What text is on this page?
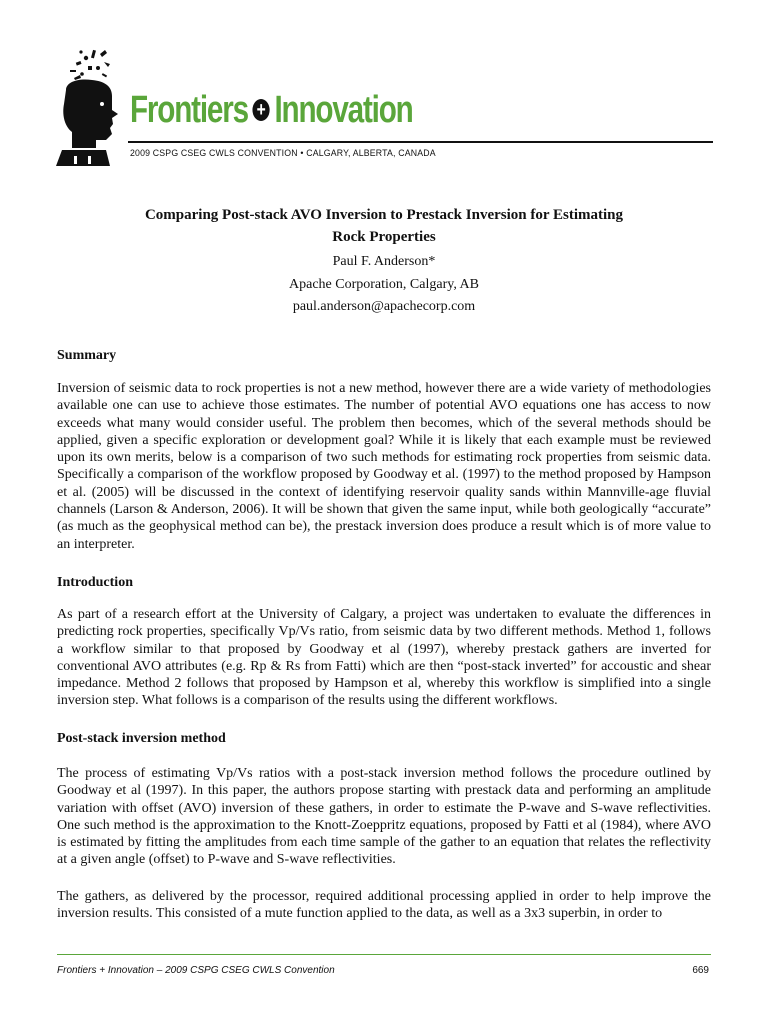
Frontiers + Innovation
2009 CSPG CSEG CWLS CONVENTION • CALGARY, ALBERTA, CANADA
Comparing Post-stack AVO Inversion to Prestack Inversion for Estimating
Rock Properties
Paul F. Anderson*
Apache Corporation, Calgary, AB
paul.anderson@apachecorp.com
Summary
Inversion of seismic data to rock properties is not a new method, however there are a wide variety of methodologies available one can use to achieve those estimates. The number of potential AVO equations one has access to now exceeds what many would consider useful. The problem then becomes, which of the several methods should be applied, given a specific exploration or development goal? While it is likely that each example must be reviewed upon its own merits, below is a comparison of two such methods for estimating rock properties from seismic data. Specifically a comparison of the workflow proposed by Goodway et al. (1997) to the method proposed by Hampson et al. (2005) will be discussed in the context of identifying reservoir quality sands within Mannville-age fluvial channels (Larson & Anderson, 2006). It will be shown that given the same input, while both geologically “accurate” (as much as the geophysical method can be), the prestack inversion does produce a result which is of more value to an interpreter.
Introduction
As part of a research effort at the University of Calgary, a project was undertaken to evaluate the differences in predicting rock properties, specifically Vp/Vs ratio, from seismic data by two different methods. Method 1, follows a workflow similar to that proposed by Goodway et al (1997), whereby prestack gathers are inverted for conventional AVO attributes (e.g. Rp & Rs from Fatti) which are then “post-stack inverted” for accoustic and shear impedance. Method 2 follows that proposed by Hampson et al, whereby this workflow is simplified into a single inversion step. What follows is a comparison of the results using the different workflows.
Post-stack inversion method
The process of estimating Vp/Vs ratios with a post-stack inversion method follows the procedure outlined by Goodway et al (1997). In this paper, the authors propose starting with prestack data and performing an amplitude variation with offset (AVO) inversion of these gathers, in order to estimate the P-wave and S-wave reflectivities. One such method is the approximation to the Knott-Zoeppritz equations, proposed by Fatti et al (1984), where AVO is estimated by fitting the amplitudes from each time sample of the gather to an equation that relates the reflectivity at a given angle (offset) to P-wave and S-wave reflectivities.
The gathers, as delivered by the processor, required additional processing applied in order to help improve the inversion results. This consisted of a mute function applied to the data, as well as a 3x3 superbin, in order to
Frontiers + Innovation – 2009 CSPG CSEG CWLS Convention	669
